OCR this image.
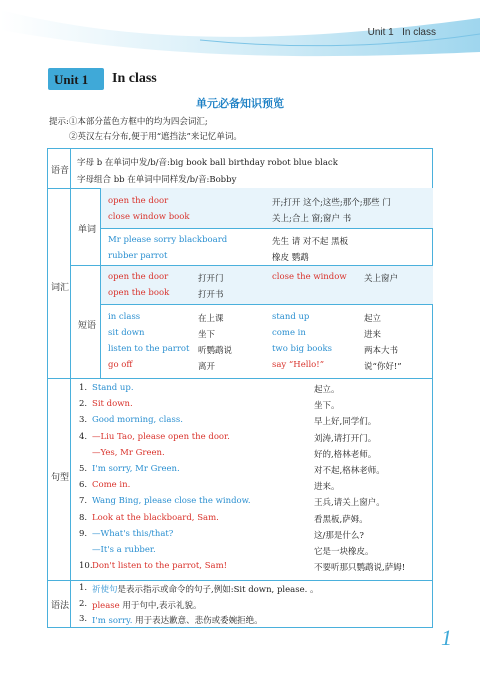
Unit 1 In class
Unit 1 In class
单元必备知识预览
提示:①本部分蓝色方框中的均为四会词汇;
②英汉左右分布,便于用“遮挡法”来记忆单词。
语音
字母 b 在单词中发/b/音:big book ball birthday robot blue black
字母组合 bb 在单词中同样发/b/音:Bobby
词汇
单词
open the door	开;打开 这个;这些;那个;那些 门
close window book	关上;合上 窗;窗户 书
Mr please sorry blackboard	先生 请 对不起 黑板
rubber parrot	橡皮 鹦鹉
短语
open the door	打开门	close the window 关上窗户
open the book	打开书
in class	在上课	stand up	起立
sit down	坐下	come in	进来
listen to the parrot 听鹦鹉说	two big books	两本大书
go off	离开	say “Hello!”	说“你好!”
句型
1. Stand up.	起立。
2. Sit down.	坐下。
3. Good morning, class.	早上好,同学们。
4. —Liu Tao, please open the door.	刘涛,请打开门。
—Yes, Mr Green.	好的,格林老师。
5. I'm sorry, Mr Green.	对不起,格林老师。
6. Come in.	进来。
7. Wang Bing, please close the window.	王兵,请关上窗户。
8. Look at the blackboard, Sam.	看黑板,萨姆。
9. —What's this/that?	这/那是什么?
—It's a rubber.	它是一块橡皮。
10. Don't listen to the parrot, Sam!	不要听那只鹦鹉说,萨姆!
语法
1. 祈使句是表示指示或命令的句子,例如:Sit down, please. 。
2. please 用于句中,表示礼貌。
3. I'm sorry. 用于表达歉意、悲伤或委婉拒绝。
1
